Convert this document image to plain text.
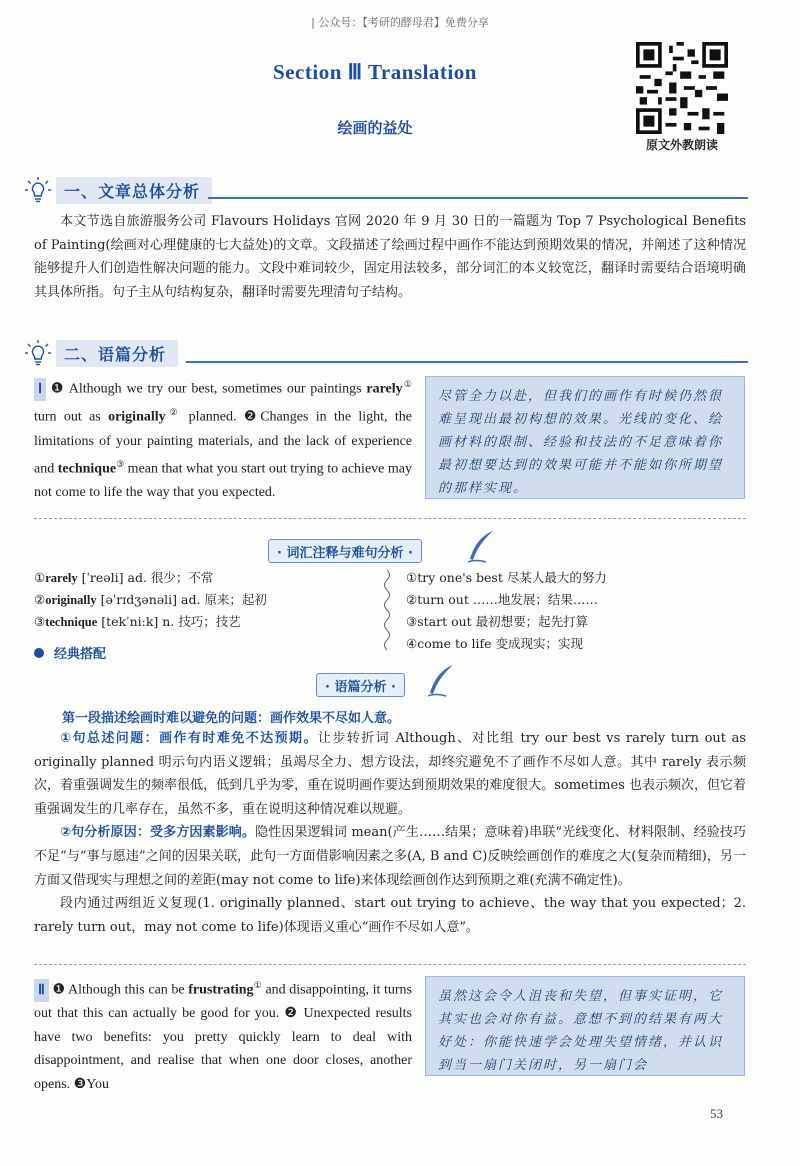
| 公众号：【考研的酵母君】免费分享
Section Ⅲ Translation
绘画的益处
原文外教朗读
一、文章总体分析

本文节选自旅游服务公司 Flavours Holidays 官网 2020 年 9 月 30 日的一篇题为 Top 7 Psychological Benefits of Painting(绘画对心理健康的七大益处)的文章。文段描述了绘画过程中画作不能达到预期效果的情况，并阐述了这种情况能够提升人们创造性解决问题的能力。文段中难词较少，固定用法较多，部分词汇的本义较宽泛，翻译时需要结合语境明确其具体所指。句子主从句结构复杂，翻译时需要先理清句子结构。

二、语篇分析
Ⅰ ❶ Although we try our best, sometimes our paintings rarely① turn out as originally② planned. ❷Changes in the light, the limitations of your painting materials, and the lack of experience and technique③ mean that what you start out trying to achieve may not come to life the way that you expected.
尽管全力以赴，但我们的画作有时候仍然很难呈现出最初构想的效果。光线的变化、绘画材料的限制、经验和技法的不足意味着你最初想要达到的效果可能并不能如你所期望的那样实现。
· 词汇注释与难句分析 ·
①rarely [ˈreəli] ad. 很少；不常
②originally [əˈrɪdʒənəli] ad. 原来；起初
③technique [tekˈniːk] n. 技巧；技艺
①try one's best 尽某人最大的努力
②turn out ……地发展；结果……
③start out 最初想要；起先打算
④come to life 变成现实；实现
经典搭配
· 语篇分析 ·
第一段描述绘画时难以避免的问题：画作效果不尽如人意。

①句总述问题：画作有时难免不达预期。让步转折词 Although、对比组 try our best vs rarely turn out as originally planned 明示句内语义逻辑；虽竭尽全力、想方设法，却终究避免不了画作不尽如人意。其中 rarely 表示频次，着重强调发生的频率很低，低到几乎为零，重在说明画作要达到预期效果的难度很大。sometimes 也表示频次，但它着重强调发生的几率存在，虽然不多，重在说明这种情况难以规避。

②句分析原因：受多方因素影响。隐性因果逻辑词 mean(产生……结果；意味着)串联“光线变化、材料限制、经验技巧不足”与“事与愿违”之间的因果关联，此句一方面借影响因素之多(A, B and C)反映绘画创作的难度之大(复杂而精细)，另一方面又借现实与理想之间的差距(may not come to life)来体现绘画创作达到预期之难(充满不确定性)。

段内通过两组近义复现(1. originally planned、start out trying to achieve、the way that you expected；2. rarely turn out，may not come to life)体现语义重心“画作不尽如人意”。

Ⅱ ❶ Although this can be frustrating① and disappointing, it turns out that this can actually be good for you. ❷ Unexpected results have two benefits: you pretty quickly learn to deal with disappointment, and realise that when one door closes, another opens. ❸You
虽然这会令人沮丧和失望，但事实证明，它其实也会对你有益。意想不到的结果有两大好处：你能快速学会处理失望情绪，并认识到当一扇门关闭时，另一扇门会
53
